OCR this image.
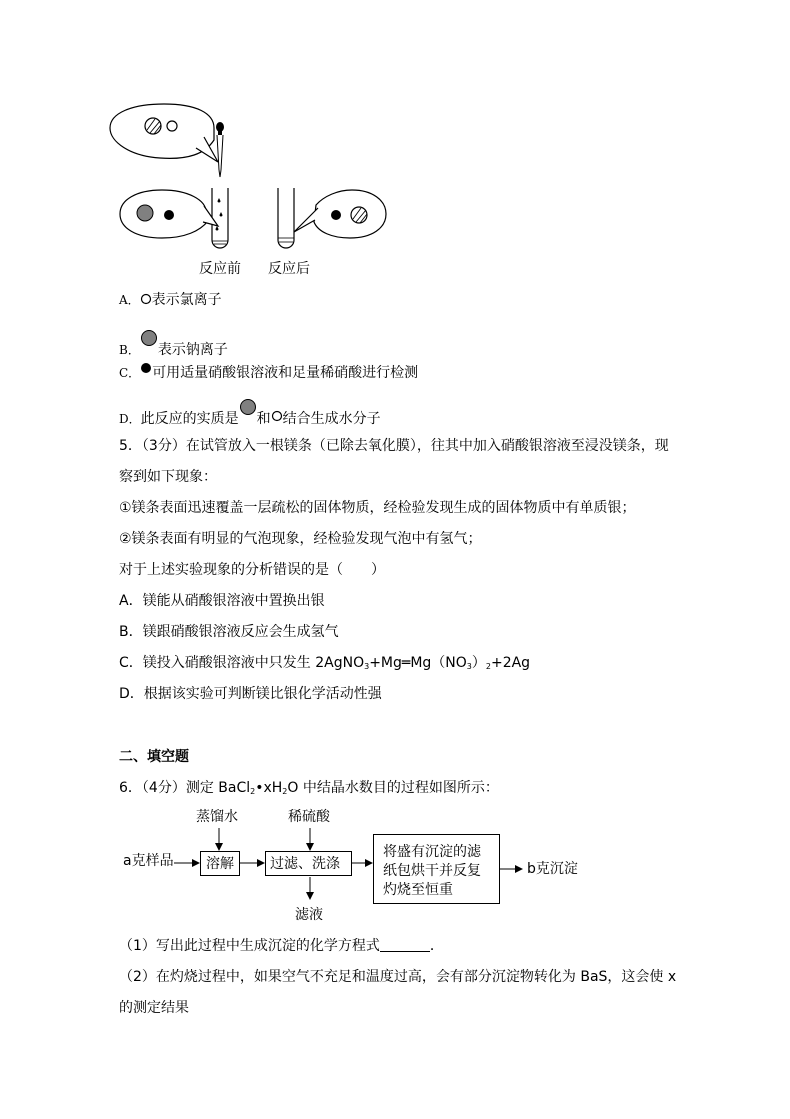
反应前 反应后
A． 表示氯离子
B． 表示钠离子
C． 可用适量硝酸银溶液和足量稀硝酸进行检测
D．此反应的实质是 和 结合生成水分子
5．（3分）在试管放入一根镁条（已除去氧化膜），往其中加入硝酸银溶液至浸没镁条，现
察到如下现象：
①镁条表面迅速覆盖一层疏松的固体物质，经检验发现生成的固体物质中有单质银；
②镁条表面有明显的气泡现象，经检验发现气泡中有氢气；
对于上述实验现象的分析错误的是（　　）
A．镁能从硝酸银溶液中置换出银
B．镁跟硝酸银溶液反应会生成氢气
C．镁投入硝酸银溶液中只发生 $2AgNO_3+Mg═Mg(NO_3)_2+2Ag$
D．根据该实验可判断镁比银化学活动性强
二、填空题
6．（4分）测定 $BaCl_2•xH_2O$ 中结晶水数目的过程如图所示：
a克样品
蒸馏水
溶解
稀硫酸
过滤、洗涤
滤液
将盛有沉淀的滤
纸包烘干并反复
灼烧至恒重
b克沉淀
（1）写出此过程中生成沉淀的化学方程式	．
（2）在灼烧过程中，如果空气不充足和温度过高，会有部分沉淀物转化为 BaS，这会使 x
的测定结果
